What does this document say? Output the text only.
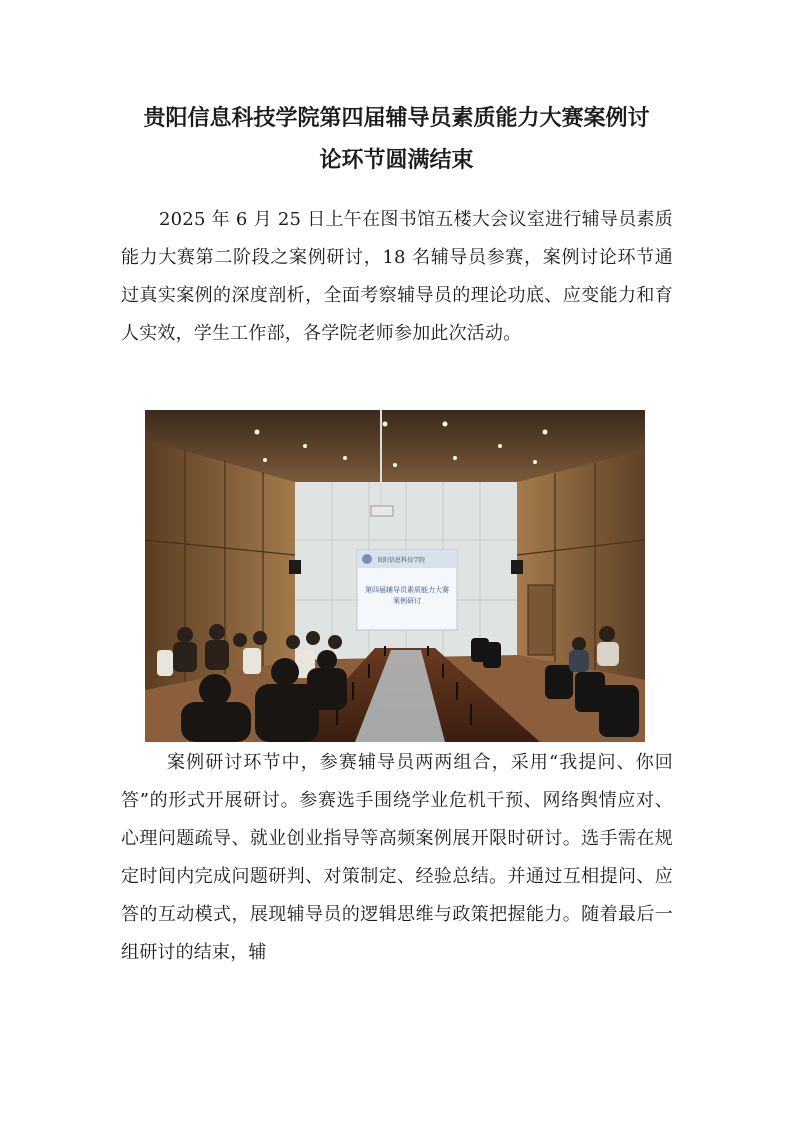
贵阳信息科技学院第四届辅导员素质能力大赛案例讨
论环节圆满结束

2025 年 6 月 25 日上午在图书馆五楼大会议室进行辅导员素质能力大赛第二阶段之案例研讨，18 名辅导员参赛，案例讨论环节通过真实案例的深度剖析，全面考察辅导员的理论功底、应变能力和育人实效，学生工作部，各学院老师参加此次活动。

贵阳信息科技学院
第四届辅导员素质能力大赛
案例研讨

案例研讨环节中，参赛辅导员两两组合，采用“我提问、你回答”的形式开展研讨。参赛选手围绕学业危机干预、网络舆情应对、心理问题疏导、就业创业指导等高频案例展开限时研讨。选手需在规定时间内完成问题研判、对策制定、经验总结。并通过互相提问、应答的互动模式，展现辅导员的逻辑思维与政策把握能力。随着最后一组研讨的结束，辅
